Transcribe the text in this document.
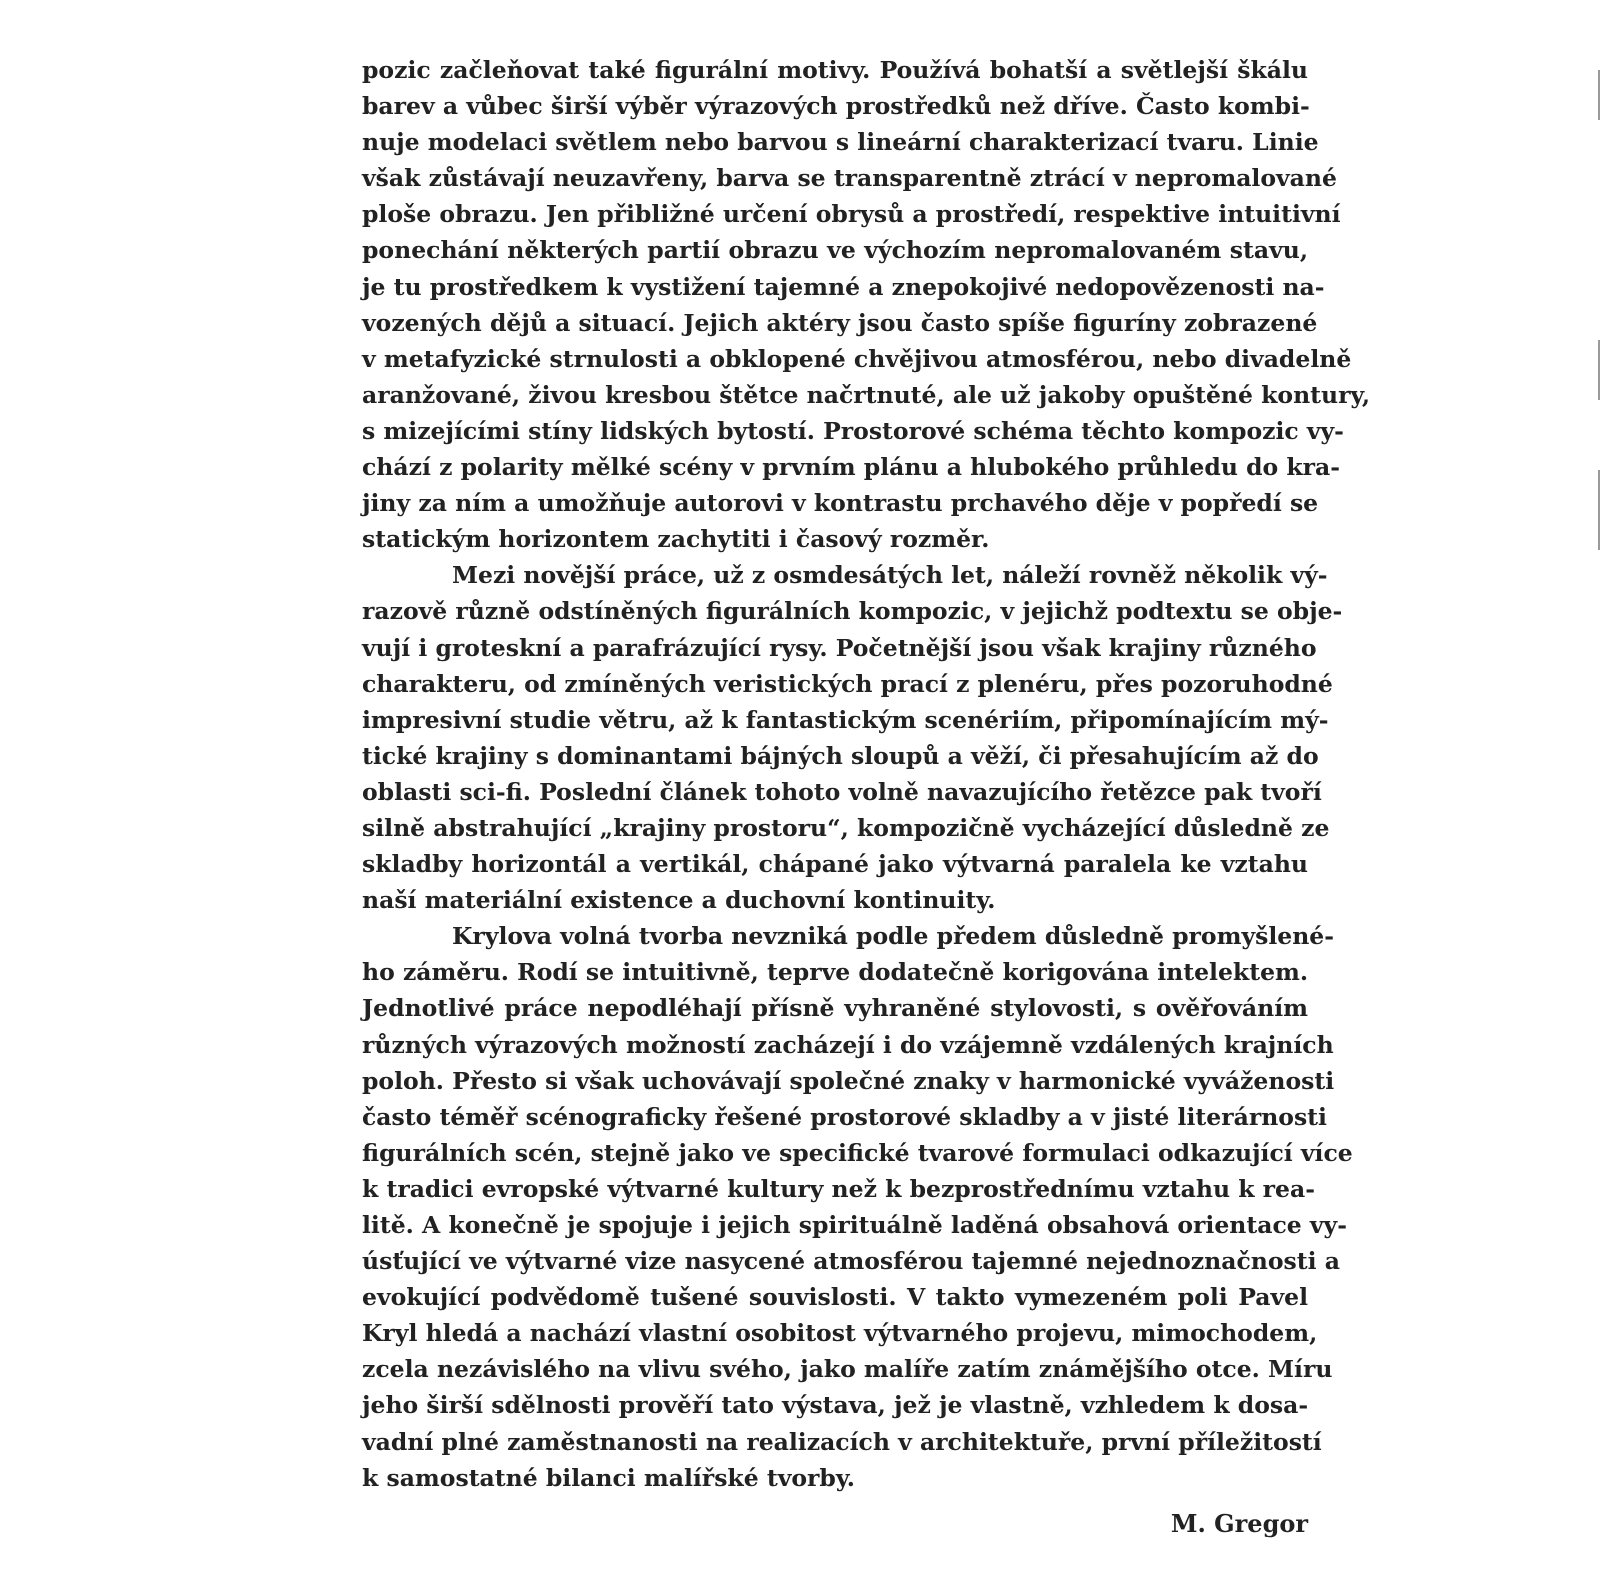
pozic začleňovat také figurální motivy. Používá bohatší a světlejší škálu
barev a vůbec širší výběr výrazových prostředků než dříve. Často kombi-
nuje modelaci světlem nebo barvou s lineární charakterizací tvaru. Linie
však zůstávají neuzavřeny, barva se transparentně ztrácí v nepromalované
ploše obrazu. Jen přibližné určení obrysů a prostředí, respektive intuitivní
ponechání některých partií obrazu ve výchozím nepromalovaném stavu,
je tu prostředkem k vystižení tajemné a znepokojivé nedopovězenosti na-
vozených dějů a situací. Jejich aktéry jsou často spíše figuríny zobrazené
v metafyzické strnulosti a obklopené chvějivou atmosférou, nebo divadelně
aranžované, živou kresbou štětce načrtnuté, ale už jakoby opuštěné kontury,
s mizejícími stíny lidských bytostí. Prostorové schéma těchto kompozic vy-
chází z polarity mělké scény v prvním plánu a hlubokého průhledu do kra-
jiny za ním a umožňuje autorovi v kontrastu prchavého děje v popředí se
statickým horizontem zachytiti i časový rozměr.
Mezi novější práce, už z osmdesátých let, náleží rovněž několik vý-
razově různě odstíněných figurálních kompozic, v jejichž podtextu se obje-
vují i groteskní a parafrázující rysy. Početnější jsou však krajiny různého
charakteru, od zmíněných veristických prací z plenéru, přes pozoruhodné
impresivní studie větru, až k fantastickým scenériím, připomínajícím mý-
tické krajiny s dominantami bájných sloupů a věží, či přesahujícím až do
oblasti sci-fi. Poslední článek tohoto volně navazujícího řetězce pak tvoří
silně abstrahující „krajiny prostoru“, kompozičně vycházející důsledně ze
skladby horizontál a vertikál, chápané jako výtvarná paralela ke vztahu
naší materiální existence a duchovní kontinuity.
Krylova volná tvorba nevzniká podle předem důsledně promyšlené-
ho záměru. Rodí se intuitivně, teprve dodatečně korigována intelektem.
Jednotlivé práce nepodléhají přísně vyhraněné stylovosti, s ověřováním
různých výrazových možností zacházejí i do vzájemně vzdálených krajních
poloh. Přesto si však uchovávají společné znaky v harmonické vyváženosti
často téměř scénograficky řešené prostorové skladby a v jisté literárnosti
figurálních scén, stejně jako ve specifické tvarové formulaci odkazující více
k tradici evropské výtvarné kultury než k bezprostřednímu vztahu k rea-
litě. A konečně je spojuje i jejich spirituálně laděná obsahová orientace vy-
úsťující ve výtvarné vize nasycené atmosférou tajemné nejednoznačnosti a
evokující podvědomě tušené souvislosti. V takto vymezeném poli Pavel
Kryl hledá a nachází vlastní osobitost výtvarného projevu, mimochodem,
zcela nezávislého na vlivu svého, jako malíře zatím známějšího otce. Míru
jeho širší sdělnosti prověří tato výstava, jež je vlastně, vzhledem k dosa-
vadní plné zaměstnanosti na realizacích v architektuře, první příležitostí
k samostatné bilanci malířské tvorby.
M. Gregor
